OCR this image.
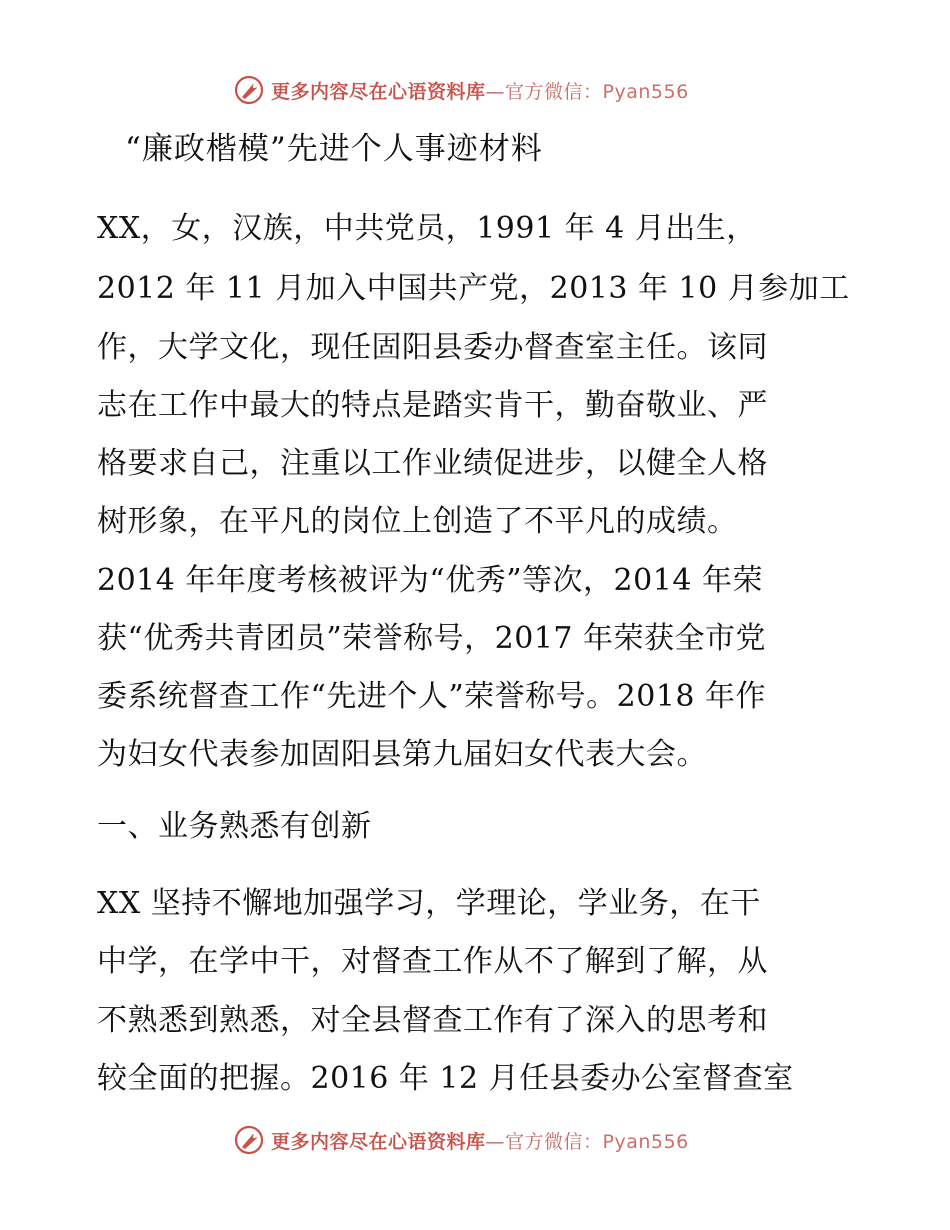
更多内容尽在心语资料库—官方微信：Pyan556
“廉政楷模”先进个人事迹材料
XX，女，汉族，中共党员，1991 年 4 月出生，
2012 年 11 月加入中国共产党，2013 年 10 月参加工
作，大学文化，现任固阳县委办督查室主任。该同
志在工作中最大的特点是踏实肯干，勤奋敬业、严
格要求自己，注重以工作业绩促进步，以健全人格
树形象，在平凡的岗位上创造了不平凡的成绩。
2014 年年度考核被评为“优秀”等次，2014 年荣
获“优秀共青团员”荣誉称号，2017 年荣获全市党
委系统督查工作“先进个人”荣誉称号。2018 年作
为妇女代表参加固阳县第九届妇女代表大会。
一、业务熟悉有创新
XX 坚持不懈地加强学习，学理论，学业务，在干
中学，在学中干，对督查工作从不了解到了解，从
不熟悉到熟悉，对全县督查工作有了深入的思考和
较全面的把握。2016 年 12 月任县委办公室督查室
更多内容尽在心语资料库—官方微信：Pyan556
